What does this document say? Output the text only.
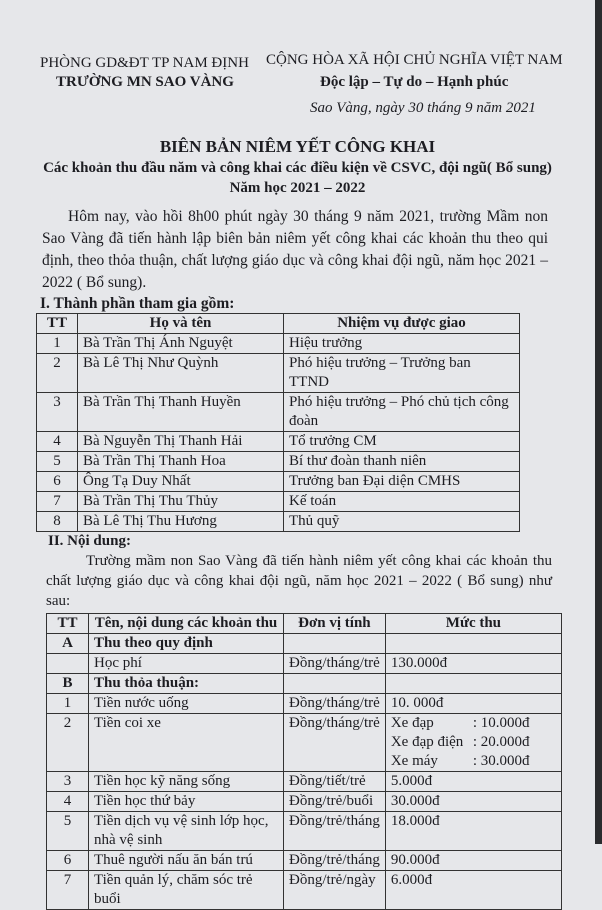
PHÒNG GD&ĐT TP NAM ĐỊNH
TRƯỜNG MN SAO VÀNG
CỘNG HÒA XÃ HỘI CHỦ NGHĨA VIỆT NAM
Độc lập – Tự do – Hạnh phúc
Sao Vàng, ngày 30 tháng 9 năm 2021
BIÊN BẢN NIÊM YẾT CÔNG KHAI
Các khoản thu đầu năm và công khai các điều kiện về CSVC, đội ngũ( Bổ sung)
Năm học 2021 – 2022
Hôm nay, vào hồi 8h00 phút ngày 30 tháng 9 năm 2021, trường Mầm non Sao Vàng đã tiến hành lập biên bản niêm yết công khai các khoản thu theo qui định, theo thỏa thuận, chất lượng giáo dục và công khai đội ngũ, năm học 2021 – 2022 ( Bổ sung).
I. Thành phần tham gia gồm:
TT	Họ và tên	Nhiệm vụ được giao
1	Bà Trần Thị Ánh Nguyệt	Hiệu trưởng
2	Bà Lê Thị Như Quỳnh	Phó hiệu trưởng – Trưởng ban TTND
3	Bà Trần Thị Thanh Huyền	Phó hiệu trưởng – Phó chủ tịch công đoàn
4	Bà Nguyễn Thị Thanh Hải	Tổ trưởng CM
5	Bà Trần Thị Thanh Hoa	Bí thư đoàn thanh niên
6	Ông Tạ Duy Nhất	Trưởng ban Đại diện CMHS
7	Bà Trần Thị Thu Thủy	Kế toán
8	Bà Lê Thị Thu Hương	Thủ quỹ
II. Nội dung:
Trường mầm non Sao Vàng đã tiến hành niêm yết công khai các khoản thu chất lượng giáo dục và công khai đội ngũ, năm học 2021 – 2022 ( Bổ sung) như sau:
TT	Tên, nội dung các khoản thu	Đơn vị tính	Mức thu
A	Thu theo quy định		
	Học phí	Đồng/tháng/trẻ	130.000đ
B	Thu thỏa thuận:		
1	Tiền nước uống	Đồng/tháng/trẻ	10. 000đ
2	Tiền coi xe	Đồng/tháng/trẻ	Xe đạp : 10.000đ
Xe đạp điện : 20.000đ
Xe máy : 30.000đ

3	Tiền học kỹ năng sống	Đồng/tiết/trẻ	5.000đ
4	Tiền học thứ bảy	Đồng/trẻ/buổi	30.000đ
5	Tiền dịch vụ vệ sinh lớp học, nhà vệ sinh	Đồng/trẻ/tháng	18.000đ
6	Thuê người nấu ăn bán trú	Đồng/trẻ/tháng	90.000đ
7	Tiền quản lý, chăm sóc trẻ buổi	Đồng/trẻ/ngày	6.000đ
